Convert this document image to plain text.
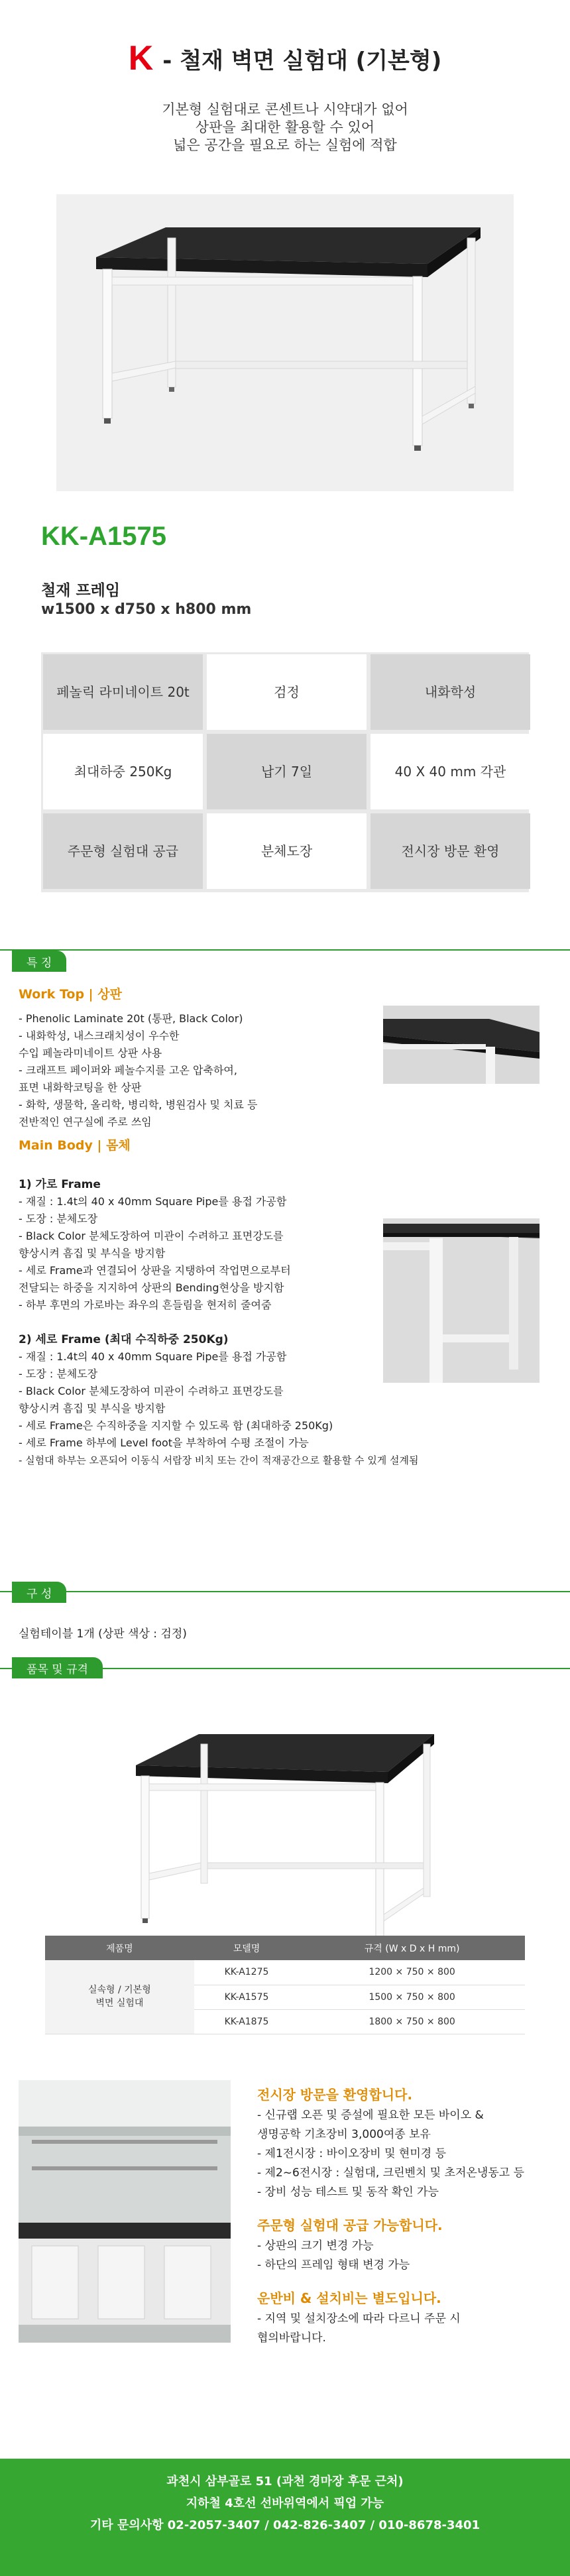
K - 철재 벽면 실험대 (기본형)
기본형 실험대로 콘센트나 시약대가 없어
상판을 최대한 활용할 수 있어
넓은 공간을 필요로 하는 실험에 적합
KK-A1575
철재 프레임
w1500 x d750 x h800 mm
페놀릭 라미네이트 20t	검정	내화학성
최대하중 250Kg	납기 7일	40 X 40 mm 각관
주문형 실험대 공급	분체도장	전시장 방문 환영
특 징
Work Top | 상판
- Phenolic Laminate 20t (통판, Black Color)
- 내화학성, 내스크래치성이 우수한
수입 페놀라미네이트 상판 사용
- 크래프트 페이퍼와 페놀수지를 고온 압축하여,
표면 내화학코팅을 한 상판
- 화학, 생물학, 올리학, 병리학, 병원검사 및 치료 등
전반적인 연구실에 주로 쓰임
Main Body | 몸체
1) 가로 Frame
- 재질 : 1.4t의 40 x 40mm Square Pipe를 용접 가공함
- 도장 : 분체도장
- Black Color 분체도장하여 미관이 수려하고 표면강도를
향상시켜 흠집 및 부식을 방지함
- 세로 Frame과 연결되어 상판을 지탱하여 작업면으로부터
전달되는 하중을 지지하여 상판의 Bending현상을 방지함
- 하부 후면의 가로바는 좌우의 흔들림을 현저히 줄여줌
2) 세로 Frame (최대 수직하중 250Kg)
- 재질 : 1.4t의 40 x 40mm Square Pipe를 용접 가공함
- 도장 : 분체도장
- Black Color 분체도장하여 미관이 수려하고 표면강도를
향상시켜 흠집 및 부식을 방지함
- 세로 Frame은 수직하중을 지지할 수 있도록 함 (최대하중 250Kg)
- 세로 Frame 하부에 Level foot을 부착하여 수평 조절이 가능
- 실험대 하부는 오픈되어 이동식 서랍장 비치 또는 간이 적재공간으로 활용할 수 있게 설계됨
구 성
실험테이블 1개 (상판 색상 : 검정)
품목 및 규격
제품명	모델명	규격 (W x D x H mm)
실속형 / 기본형
벽면 실험대	KK-A1275	1200 × 750 × 800
	KK-A1575	1500 × 750 × 800
	KK-A1875	1800 × 750 × 800
전시장 방문을 환영합니다.
- 신규랩 오픈 및 증설에 필요한 모든 바이오 &
생명공학 기초장비 3,000여종 보유
- 제1전시장 : 바이오장비 및 현미경 등
- 제2~6전시장 : 실험대, 크린벤치 및 초저온냉동고 등
- 장비 성능 테스트 및 동작 확인 가능
주문형 실험대 공급 가능합니다.
- 상판의 크기 변경 가능
- 하단의 프레임 형태 변경 가능
운반비 & 설치비는 별도입니다.
- 지역 및 설치장소에 따라 다르니 주문 시
협의바랍니다.
과천시 삼부골로 51 (과천 경마장 후문 근처)
지하철 4호선 선바위역에서 픽업 가능
기타 문의사항 02-2057-3407 / 042-826-3407 / 010-8678-3401
